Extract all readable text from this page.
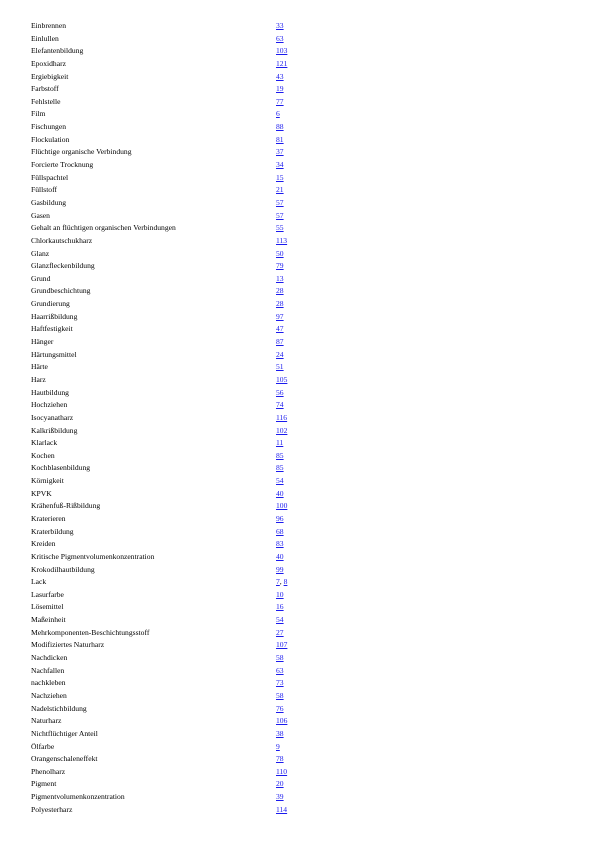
Einbrennen	33
Einlullen	63
Elefantenbildung	103
Epoxidharz	121
Ergiebigkeit	43
Farbstoff	19
Fehlstelle	77
Film	6
Fischungen	88
Flockulation	81
Flüchtige organische Verbindung	37
Forcierte Trocknung	34
Füllspachtel	15
Füllstoff	21
Gasbildung	57
Gasen	57
Gehalt an flüchtigen organischen Verbindungen	55
Chlorkautschukharz	113
Glanz	50
Glanzfleckenbildung	79
Grund	13
Grundbeschichtung	28
Grundierung	28
Haarrißbildung	97
Haftfestigkeit	47
Hänger	87
Härtungsmittel	24
Härte	51
Harz	105
Hautbildung	56
Hochziehen	74
Isocyanatharz	116
Kalkrißbildung	102
Klarlack	11
Kochen	85
Kochblasenbildung	85
Körnigkeit	54
KPVK	40
Krähenfuß-Rißbildung	100
Kraterieren	96
Kraterbildung	68
Kreiden	83
Kritische Pigmentvolumenkonzentration	40
Krokodilhautbildung	99
Lack	7, 8
Lasurfarbe	10
Lösemittel	16
Maßeinheit	54
Mehrkomponenten-Beschichtungsstoff	27
Modifiziertes Naturharz	107
Nachdicken	58
Nachfallen	63
nachkleben	73
Nachziehen	58
Nadelstichbildung	76
Naturharz	106
Nichtflüchtiger Anteil	38
Ölfarbe	9
Orangenschaleneffekt	78
Phenolharz	110
Pigment	20
Pigmentvolumenkonzentration	39
Polyesterharz	114
